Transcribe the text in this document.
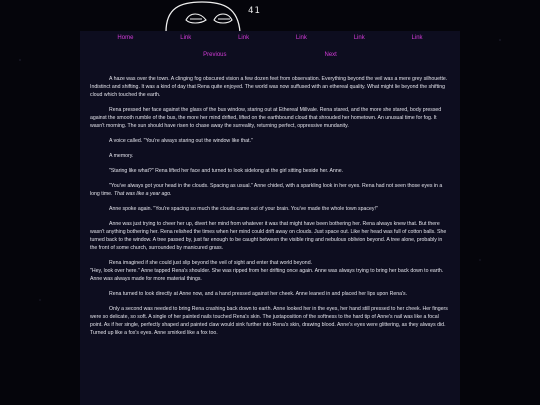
41
Home	Link	Link	Link	Link	Link
Previous	Next

A haze was over the town. A clinging fog obscured vision a few dozen feet from observation. Everything beyond the veil was a mere grey silhouette. Indistinct and shifting. It was a kind of day that Rena quite enjoyed. The world was now suffused with an ethereal quality. What might lie beyond the shifting cloud which touched the earth.

Rena pressed her face against the glass of the bus window, staring out at Ethereal Millvale. Rena stared, and the more she stared, body pressed against the smooth rumble of the bus, the more her mind drifted, lifted on the earthbound cloud that shrouded her hometown. An unusual time for fog. It wasn't morning. The sun should have risen to chase away the surreality, returning perfect, oppressive mundanity.

A voice called. "You're always staring out the window like that."

A memory.

"Staring like what?" Rena lifted her face and turned to look sidelong at the girl sitting beside her. Anne.

"You've always got your head in the clouds. Spacing as usual." Anne chided, with a sparkling look in her eyes. Rena had not seen those eyes in a long time. That was like a year ago.

Anne spoke again. "You're spacing so much the clouds came out of your brain. You've made the whole town spacey!"

Anne was just trying to cheer her up, divert her mind from whatever it was that might have been bothering her. Rena always knew that. But there wasn't anything bothering her. Rena relished the times when her mind could drift away on clouds. Just space out. Like her head was full of cotton balls. She turned back to the window. A tree passed by, just far enough to be caught between the visible ring and nebulous oblivion beyond. A tree alone, probably in the front of some church, surrounded by manicured grass.

Rena imagined if she could just slip beyond the veil of sight and enter that world beyond.

"Hey, look over here." Anne tapped Rena's shoulder. She was ripped from her drifting once again. Anne was always trying to bring her back down to earth. Anne was always made for more material things.

Rena turned to look directly at Anne now, and a hand pressed against her cheek. Anne leaned in and placed her lips upon Rena's.

Only a second was needed to bring Rena crashing back down to earth. Anne looked her in the eyes, her hand still pressed to her cheek. Her fingers were so delicate, so soft. A single of her painted nails touched Rena's skin. The juxtaposition of the softness to the hard tip of Anne's nail was like a focal point. As if her single, perfectly shaped and painted claw would sink further into Rena's skin, drawing blood. Anne's eyes were glittering, as they always did. Turned up like a fox's eyes. Anne smirked like a fox too.
